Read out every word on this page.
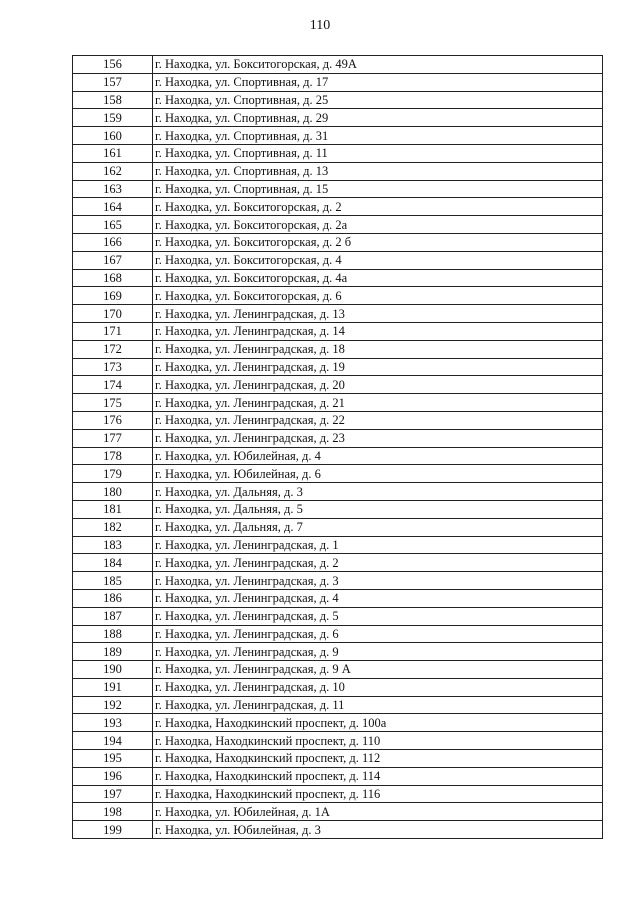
110
156	г. Находка, ул. Бокситогорская, д. 49А
157	г. Находка, ул. Спортивная, д. 17
158	г. Находка, ул. Спортивная, д. 25
159	г. Находка, ул. Спортивная, д. 29
160	г. Находка, ул. Спортивная, д. 31
161	г. Находка, ул. Спортивная, д. 11
162	г. Находка, ул. Спортивная, д. 13
163	г. Находка, ул. Спортивная, д. 15
164	г. Находка, ул. Бокситогорская, д. 2
165	г. Находка, ул. Бокситогорская, д. 2а
166	г. Находка, ул. Бокситогорская, д. 2 б
167	г. Находка, ул. Бокситогорская, д. 4
168	г. Находка, ул. Бокситогорская, д. 4а
169	г. Находка, ул. Бокситогорская, д. 6
170	г. Находка, ул. Ленинградская, д. 13
171	г. Находка, ул. Ленинградская, д. 14
172	г. Находка, ул. Ленинградская, д. 18
173	г. Находка, ул. Ленинградская, д. 19
174	г. Находка, ул. Ленинградская, д. 20
175	г. Находка, ул. Ленинградская, д. 21
176	г. Находка, ул. Ленинградская, д. 22
177	г. Находка, ул. Ленинградская, д. 23
178	г. Находка, ул. Юбилейная, д. 4
179	г. Находка, ул. Юбилейная, д. 6
180	г. Находка, ул. Дальняя, д. 3
181	г. Находка, ул. Дальняя, д. 5
182	г. Находка, ул. Дальняя, д. 7
183	г. Находка, ул. Ленинградская, д. 1
184	г. Находка, ул. Ленинградская, д. 2
185	г. Находка, ул. Ленинградская, д. 3
186	г. Находка, ул. Ленинградская, д. 4
187	г. Находка, ул. Ленинградская, д. 5
188	г. Находка, ул. Ленинградская, д. 6
189	г. Находка, ул. Ленинградская, д. 9
190	г. Находка, ул. Ленинградская, д. 9 А
191	г. Находка, ул. Ленинградская, д. 10
192	г. Находка, ул. Ленинградская, д. 11
193	г. Находка, Находкинский проспект, д. 100а
194	г. Находка, Находкинский проспект, д. 110
195	г. Находка, Находкинский проспект, д. 112
196	г. Находка, Находкинский проспект, д. 114
197	г. Находка, Находкинский проспект, д. 116
198	г. Находка, ул. Юбилейная, д. 1А
199	г. Находка, ул. Юбилейная, д. 3
